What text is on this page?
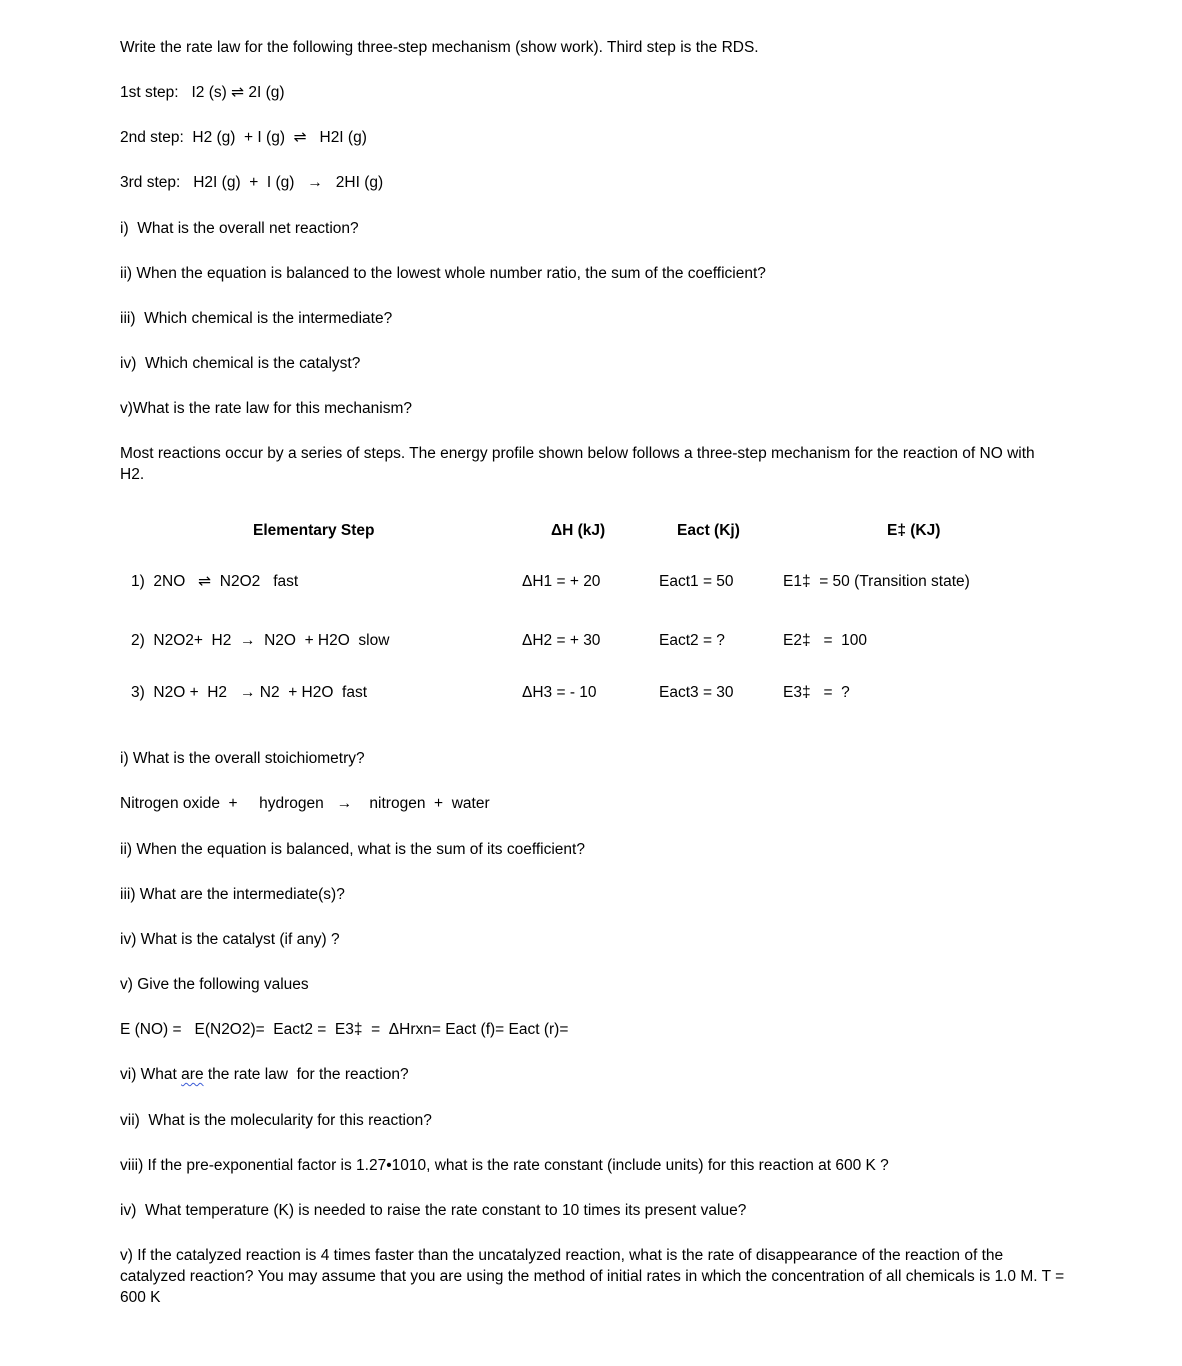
Write the rate law for the following three-step mechanism (show work). Third step is the RDS.
1st step:   I2 (s) ⇌ 2I (g)
2nd step:  H2 (g)  + I (g)  ⇌   H2I (g)
3rd step:   H2I (g)  +  I (g)   →   2HI (g)
i)  What is the overall net reaction?
ii) When the equation is balanced to the lowest whole number ratio, the sum of the coefficient?
iii)  Which chemical is the intermediate?
iv)  Which chemical is the catalyst?
v)What is the rate law for this mechanism?
Most reactions occur by a series of steps. The energy profile shown below follows a three-step mechanism for the reaction of NO with H2.
Elementary Step	ΔH (kJ)	Eact (Kj)	E‡ (KJ)
1)  2NO   ⇌  N2O2   fast	ΔH1 = + 20	Eact1 = 50	E1‡  = 50 (Transition state)
2)  N2O2+  H2  →  N2O  + H2O  slow	ΔH2 = + 30	Eact2 = ?	E2‡   =  100
3)  N2O +  H2   → N2  + H2O  fast	ΔH3 = - 10	Eact3 = 30	E3‡   =  ?
i) What is the overall stoichiometry?
Nitrogen oxide  +     hydrogen   →    nitrogen  +  water
ii) When the equation is balanced, what is the sum of its coefficient?
iii) What are the intermediate(s)?
iv) What is the catalyst (if any) ?
v) Give the following values
E (NO) =   E(N2O2)=  Eact2 =  E3‡  =  ΔHrxn= Eact (f)= Eact (r)=
vi) What are the rate law  for the reaction?
vii)  What is the molecularity for this reaction?
viii) If the pre-exponential factor is 1.27•1010, what is the rate constant (include units) for this reaction at 600 K ?
iv)  What temperature (K) is needed to raise the rate constant to 10 times its present value?
v) If the catalyzed reaction is 4 times faster than the uncatalyzed reaction, what is the rate of disappearance of the reaction of the catalyzed reaction? You may assume that you are using the method of initial rates in which the concentration of all chemicals is 1.0 M. T = 600 K
